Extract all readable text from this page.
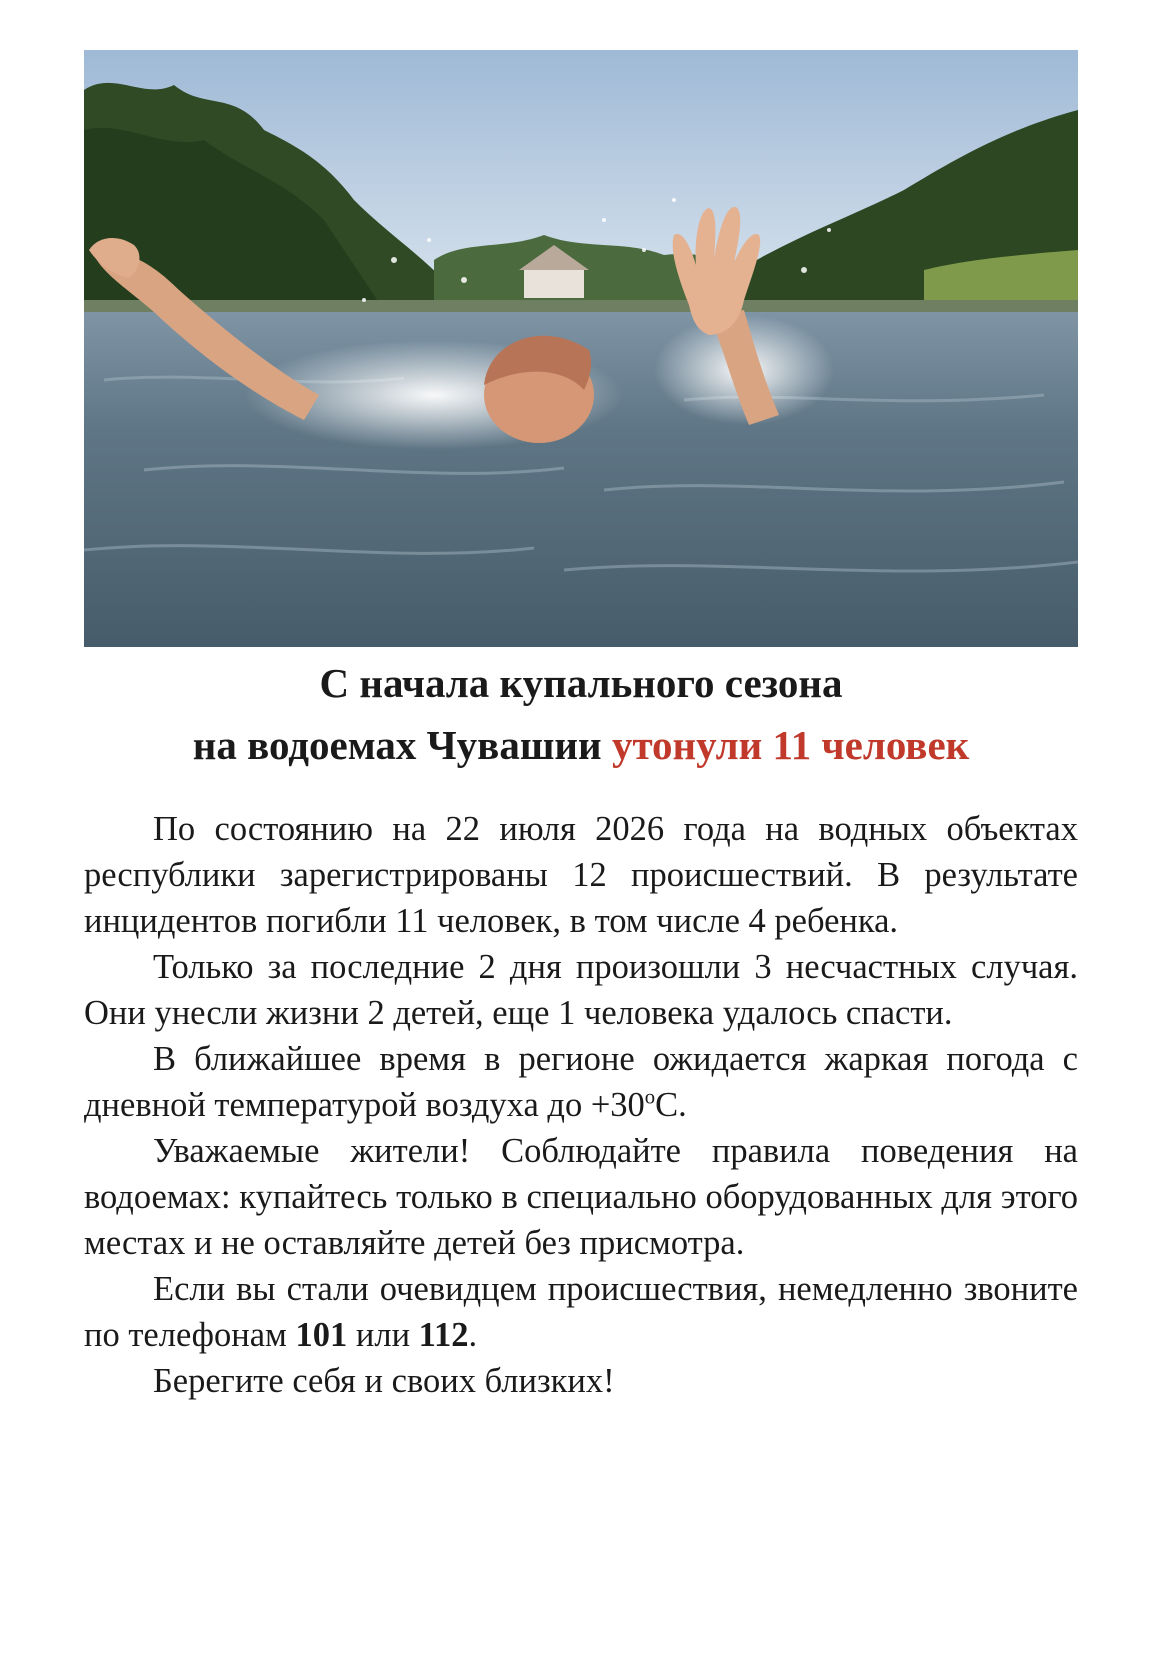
С начала купального сезона
на водоемах Чувашии утонули 11 человек

По состоянию на 22 июля 2026 года на водных объектах республики зарегистрированы 12 происшествий. В результате инцидентов погибли 11 человек, в том числе 4 ребенка.

Только за последние 2 дня произошли 3 несчастных случая. Они унесли жизни 2 детей, еще 1 человека удалось спасти.

В ближайшее время в регионе ожидается жаркая погода с дневной температурой воздуха до $+30^оС$.

Уважаемые жители! Соблюдайте правила поведения на водоемах: купайтесь только в специально оборудованных для этого местах и не оставляйте детей без присмотра.

Если вы стали очевидцем происшествия, немедленно звоните по телефонам 101 или 112.

Берегите себя и своих близких!
